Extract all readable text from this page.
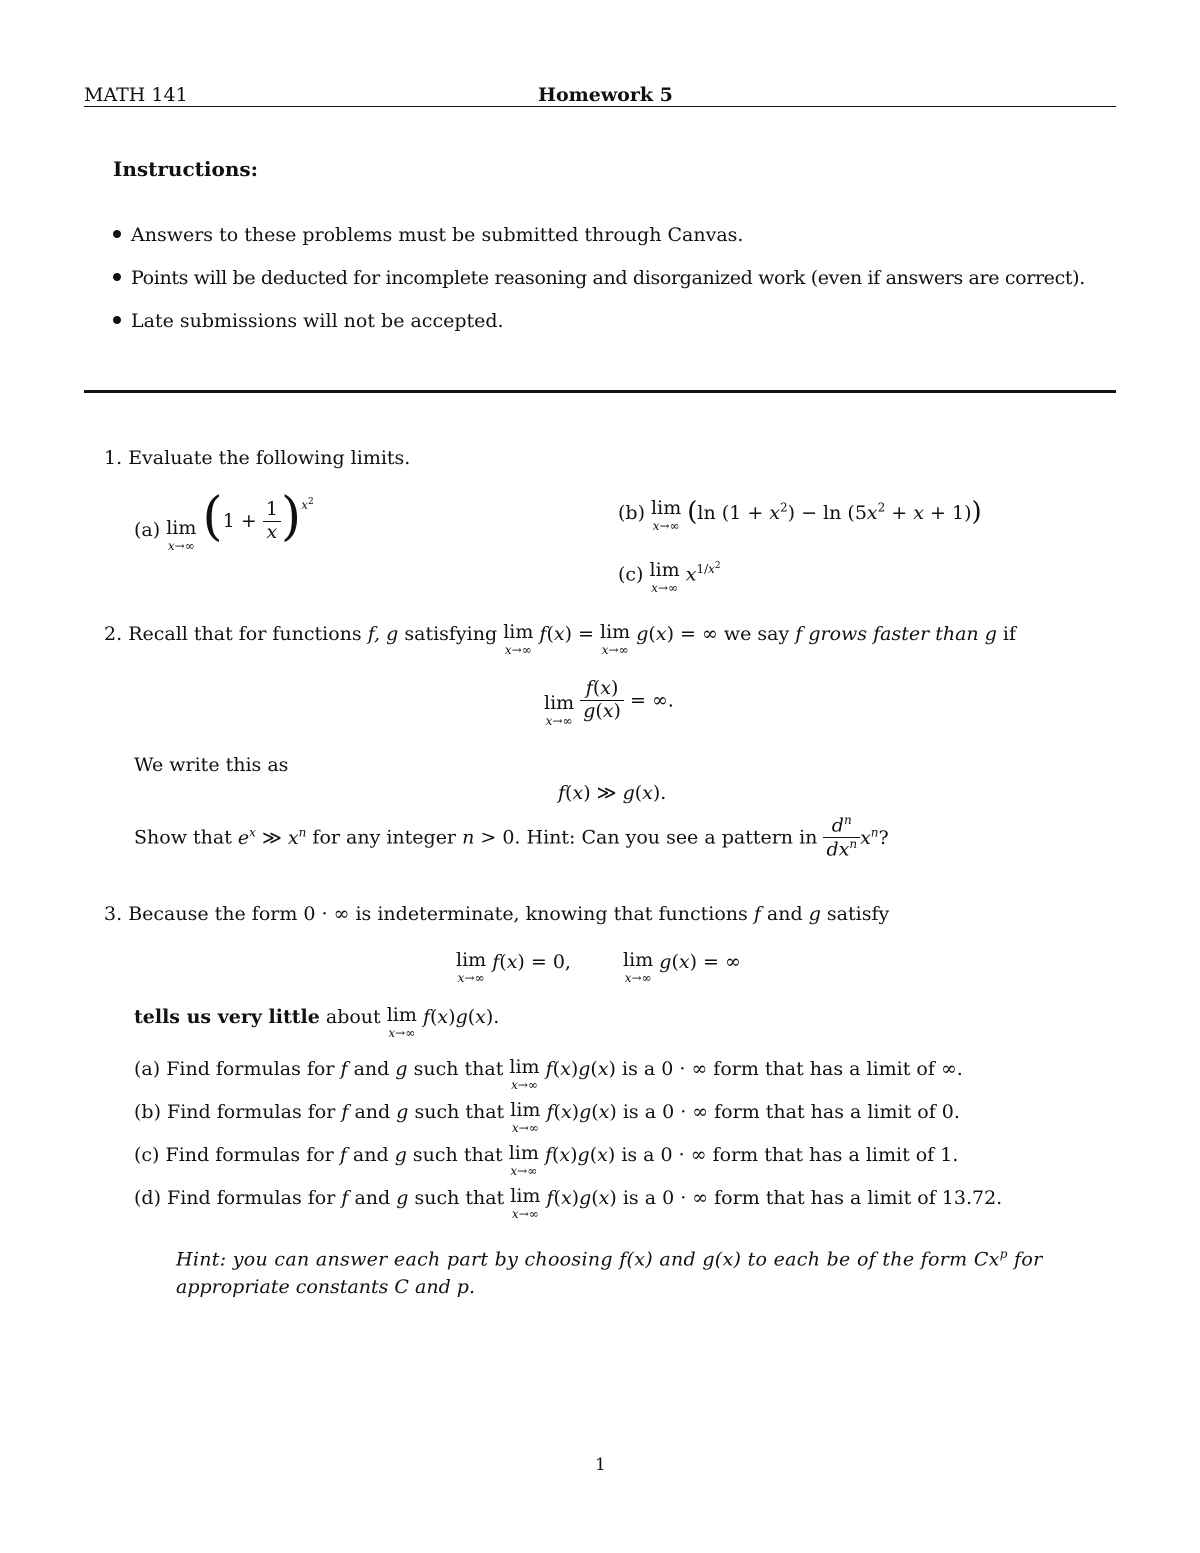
MATH 141	Homework 5
Instructions:
Answers to these problems must be submitted through Canvas.
Points will be deducted for incomplete reasoning and disorganized work (even if answers are correct).
Late submissions will not be accepted.
1. Evaluate the following limits.
(a) lim
x→∞ $(1 + \frac{1}{x} )^{x^2}$	(b) lim
x→∞ (ln $(1 + x^2) - \ln (5x^2 + x + 1)$)
(c) lim
x→∞
$x^{1/x^2}$
2. Recall that for functions f, g satisfying lim
x→∞
f(x) = lim
x→∞
g(x) = ∞ we say f grows faster than g if
lim
x→∞
$\frac{f(x)}{g(x)}$ = ∞.
We write this as
f(x) ≫ g(x).
Show that $e^x$ ≫ $x^n$ for any integer n > 0. Hint: Can you see a pattern in $\frac{d^n}{dx^n} x^n$?
3. Because the form 0 · ∞ is indeterminate, knowing that functions f and g satisfy
lim
x→∞
f(x) = 0, lim
x→∞
g(x) = ∞
tells us very little about lim
x→∞
f(x)g(x).
(a) Find formulas for f and g such that lim
x→∞
f(x)g(x) is a 0 · ∞ form that has a limit of ∞.
(b) Find formulas for f and g such that lim
x→∞
f(x)g(x) is a 0 · ∞ form that has a limit of 0.
(c) Find formulas for f and g such that lim
x→∞
f(x)g(x) is a 0 · ∞ form that has a limit of 1.
(d) Find formulas for f and g such that lim
x→∞
f(x)g(x) is a 0 · ∞ form that has a limit of 13.72.
Hint: you can answer each part by choosing f(x) and g(x) to each be of the form Cx$^p$ for
appropriate constants C and p.
1
